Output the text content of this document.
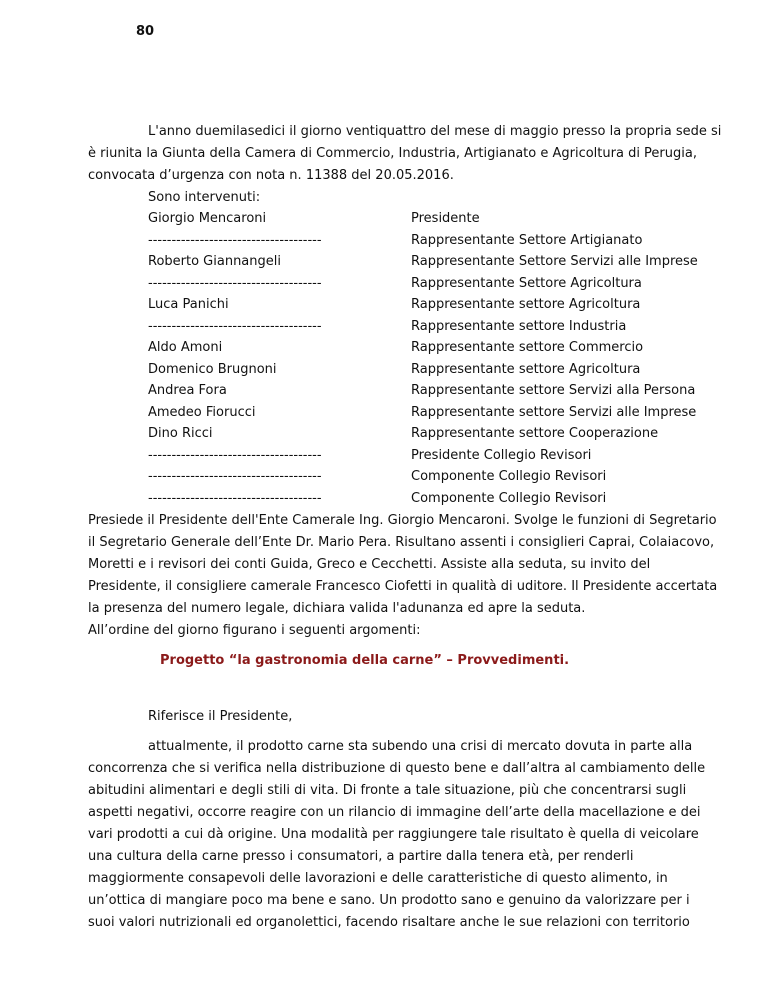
80
L'anno duemilasedici il giorno ventiquattro del mese di maggio presso la propria sede si
è riunita la Giunta della Camera di Commercio, Industria, Artigianato e Agricoltura di Perugia,
convocata d’urgenza con nota n. 11388 del 20.05.2016.
Sono intervenuti:
Giorgio Mencaroni	Presidente
-------------------------------------	Rappresentante Settore Artigianato
Roberto Giannangeli	Rappresentante Settore Servizi alle Imprese
-------------------------------------	Rappresentante Settore Agricoltura
Luca Panichi	Rappresentante settore Agricoltura
-------------------------------------	Rappresentante settore Industria
Aldo Amoni	Rappresentante settore Commercio
Domenico Brugnoni	Rappresentante settore Agricoltura
Andrea Fora	Rappresentante settore Servizi alla Persona
Amedeo Fiorucci	Rappresentante settore Servizi alle Imprese
Dino Ricci	Rappresentante settore Cooperazione
-------------------------------------	Presidente Collegio Revisori
-------------------------------------	Componente Collegio Revisori
-------------------------------------	Componente Collegio Revisori
Presiede il Presidente dell'Ente Camerale Ing. Giorgio Mencaroni. Svolge le funzioni di Segretario
il Segretario Generale dell’Ente Dr. Mario Pera. Risultano assenti i consiglieri Caprai, Colaiacovo,
Moretti e i revisori dei conti Guida, Greco e Cecchetti. Assiste alla seduta, su invito del
Presidente, il consigliere camerale Francesco Ciofetti in qualità di uditore. Il Presidente accertata
la presenza del numero legale, dichiara valida l'adunanza ed apre la seduta.
All’ordine del giorno figurano i seguenti argomenti:
Progetto “la gastronomia della carne” – Provvedimenti.
Riferisce il Presidente,
attualmente, il prodotto carne sta subendo una crisi di mercato dovuta in parte alla
concorrenza che si verifica nella distribuzione di questo bene e dall’altra al cambiamento delle
abitudini alimentari e degli stili di vita. Di fronte a tale situazione, più che concentrarsi sugli
aspetti negativi, occorre reagire con un rilancio di immagine dell’arte della macellazione e dei
vari prodotti a cui dà origine. Una modalità per raggiungere tale risultato è quella di veicolare
una cultura della carne presso i consumatori, a partire dalla tenera età, per renderli
maggiormente consapevoli delle lavorazioni e delle caratteristiche di questo alimento, in
un’ottica di mangiare poco ma bene e sano. Un prodotto sano e genuino da valorizzare per i
suoi valori nutrizionali ed organolettici, facendo risaltare anche le sue relazioni con territorio
